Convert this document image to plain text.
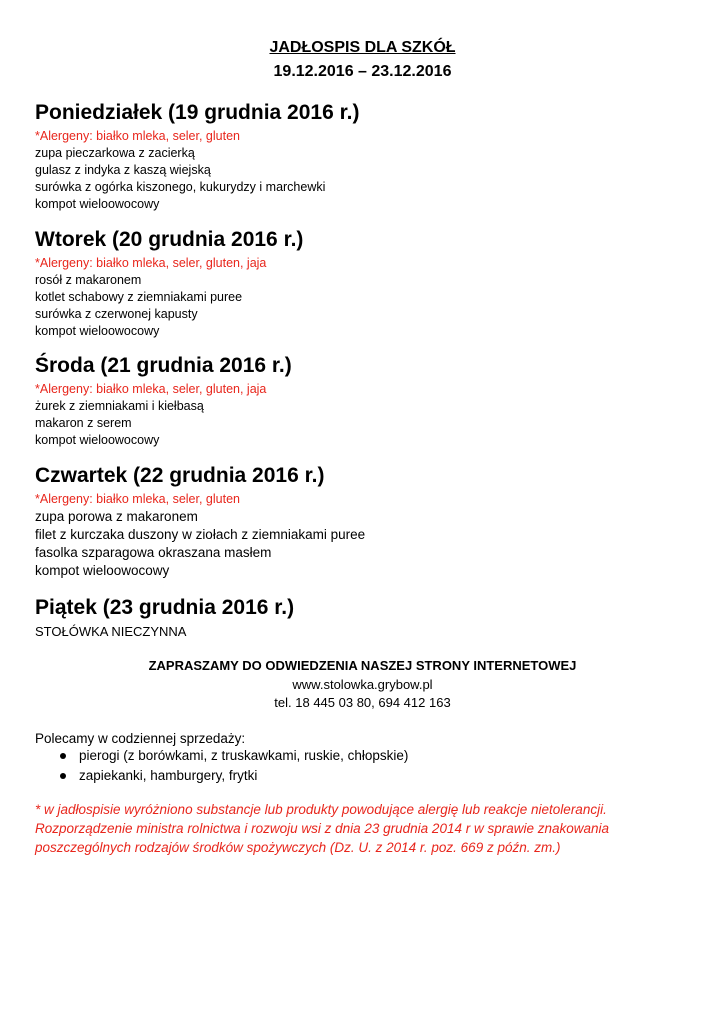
JADŁOSPIS DLA SZKÓŁ
19.12.2016 – 23.12.2016
Poniedziałek (19 grudnia 2016 r.)
*Alergeny: białko mleka, seler, gluten
zupa pieczarkowa z zacierką
gulasz z indyka z kaszą wiejską
surówka z ogórka kiszonego, kukurydzy i marchewki
kompot wieloowocowy
Wtorek (20 grudnia 2016 r.)
*Alergeny: białko mleka, seler, gluten, jaja
rosół z makaronem
kotlet schabowy z ziemniakami puree
surówka z czerwonej kapusty
kompot wieloowocowy
Środa (21 grudnia 2016 r.)
*Alergeny: białko mleka, seler, gluten, jaja
żurek z ziemniakami i kiełbasą
makaron z serem
kompot wieloowocowy
Czwartek (22 grudnia 2016 r.)
*Alergeny: białko mleka, seler, gluten
zupa porowa z makaronem
filet z kurczaka duszony w ziołach z ziemniakami puree
fasolka szparagowa okraszana masłem
kompot wieloowocowy
Piątek (23 grudnia 2016 r.)
STOŁÓWKA NIECZYNNA
ZAPRASZAMY DO ODWIEDZENIA NASZEJ STRONY INTERNETOWEJ
www.stolowka.grybow.pl
tel. 18 445 03 80, 694 412 163
Polecamy w codziennej sprzedaży:
pierogi (z borówkami, z truskawkami, ruskie, chłopskie)
zapiekanki, hamburgery, frytki
* w jadłospisie wyróżniono substancje lub produkty powodujące alergię lub reakcje nietolerancji.
Rozporządzenie ministra rolnictwa i rozwoju wsi z dnia 23 grudnia 2014 r w sprawie znakowania
poszczególnych rodzajów środków spożywczych (Dz. U. z 2014 r. poz. 669 z późn. zm.)
